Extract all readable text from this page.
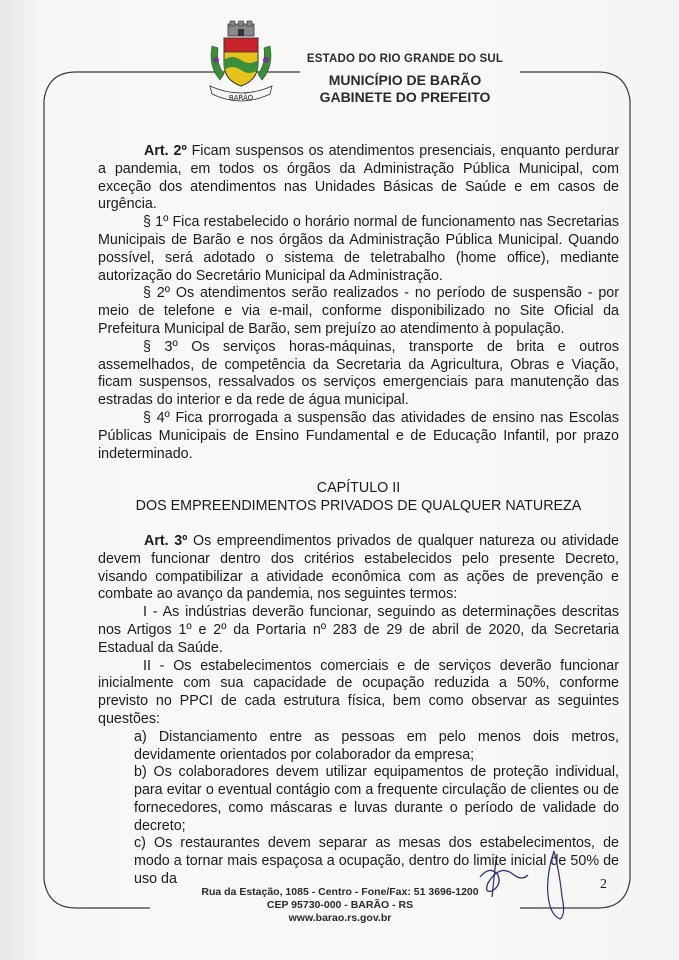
BARÃO
ESTADO DO RIO GRANDE DO SUL
MUNICÍPIO DE BARÃO
GABINETE DO PREFEITO

Art. 2º Ficam suspensos os atendimentos presenciais, enquanto perdurar a pandemia, em todos os órgãos da Administração Pública Municipal, com exceção dos atendimentos nas Unidades Básicas de Saúde e em casos de urgência.

§ 1º Fica restabelecido o horário normal de funcionamento nas Secretarias Municipais de Barão e nos órgãos da Administração Pública Municipal. Quando possível, será adotado o sistema de teletrabalho (home office), mediante autorização do Secretário Municipal da Administração.

§ 2º Os atendimentos serão realizados - no período de suspensão - por meio de telefone e via e-mail, conforme disponibilizado no Site Oficial da Prefeitura Municipal de Barão, sem prejuízo ao atendimento à população.

§ 3º Os serviços horas-máquinas, transporte de brita e outros assemelhados, de competência da Secretaria da Agricultura, Obras e Viação, ficam suspensos, ressalvados os serviços emergenciais para manutenção das estradas do interior e da rede de água municipal.

§ 4º Fica prorrogada a suspensão das atividades de ensino nas Escolas Públicas Municipais de Ensino Fundamental e de Educação Infantil, por prazo indeterminado.

CAPÍTULO II

DOS EMPREENDIMENTOS PRIVADOS DE QUALQUER NATUREZA

Art. 3º Os empreendimentos privados de qualquer natureza ou atividade devem funcionar dentro dos critérios estabelecidos pelo presente Decreto, visando compatibilizar a atividade econômica com as ações de prevenção e combate ao avanço da pandemia, nos seguintes termos:

I - As indústrias deverão funcionar, seguindo as determinações descritas nos Artigos 1º e 2º da Portaria nº 283 de 29 de abril de 2020, da Secretaria Estadual da Saúde.

II - Os estabelecimentos comerciais e de serviços deverão funcionar inicialmente com sua capacidade de ocupação reduzida a 50%, conforme previsto no PPCI de cada estrutura física, bem como observar as seguintes questões:

a) Distanciamento entre as pessoas em pelo menos dois metros, devidamente orientados por colaborador da empresa;

b) Os colaboradores devem utilizar equipamentos de proteção individual, para evitar o eventual contágio com a frequente circulação de clientes ou de fornecedores, como máscaras e luvas durante o período de validade do decreto;

c) Os restaurantes devem separar as mesas dos estabelecimentos, de modo a tornar mais espaçosa a ocupação, dentro do limite inicial de 50% de uso da	2
Rua da Estação, 1085 - Centro - Fone/Fax: 51 3696-1200
CEP 95730-000 - BARÃO - RS
www.barao.rs.gov.br
